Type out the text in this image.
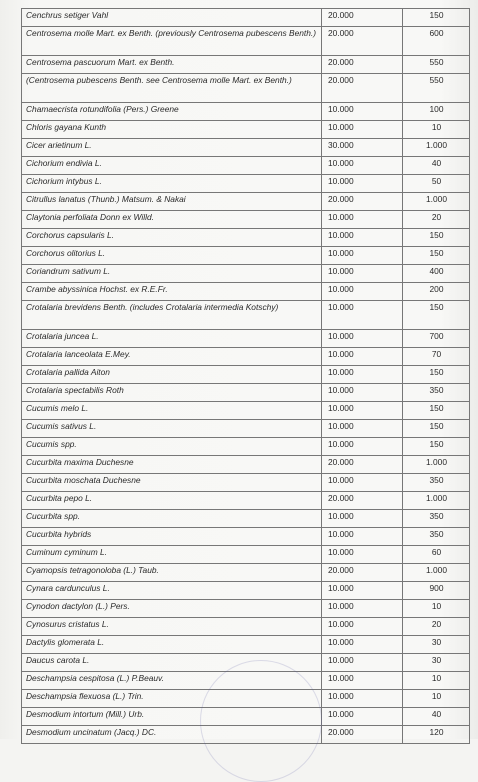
Cenchrus setiger Vahl	20.000	150
Centrosema molle Mart. ex Benth. (previously Centrosema pubescens Benth.)	20.000	600
Centrosema pascuorum Mart. ex Benth.	20.000	550
(Centrosema pubescens Benth. see Centrosema molle Mart. ex Benth.)	20.000	550
Chamaecrista rotundifolia (Pers.) Greene	10.000	100
Chloris gayana Kunth	10.000	10
Cicer arietinum L.	30.000	1.000
Cichorium endivia L.	10.000	40
Cichorium intybus L.	10.000	50
Citrullus lanatus (Thunb.) Matsum. & Nakai	20.000	1.000
Claytonia perfoliata Donn ex Willd.	10.000	20
Corchorus capsularis L.	10.000	150
Corchorus olitorius L.	10.000	150
Coriandrum sativum L.	10.000	400
Crambe abyssinica Hochst. ex R.E.Fr.	10.000	200
Crotalaria brevidens Benth. (includes Crotalaria intermedia Kotschy)	10.000	150
Crotalaria juncea L.	10.000	700
Crotalaria lanceolata E.Mey.	10.000	70
Crotalaria pallida Aiton	10.000	150
Crotalaria spectabilis Roth	10.000	350
Cucumis melo L.	10.000	150
Cucumis sativus L.	10.000	150
Cucumis spp.	10.000	150
Cucurbita maxima Duchesne	20.000	1.000
Cucurbita moschata Duchesne	10.000	350
Cucurbita pepo L.	20.000	1.000
Cucurbita spp.	10.000	350
Cucurbita hybrids	10.000	350
Cuminum cyminum L.	10.000	60
Cyamopsis tetragonoloba (L.) Taub.	20.000	1.000
Cynara cardunculus L.	10.000	900
Cynodon dactylon (L.) Pers.	10.000	10
Cynosurus cristatus L.	10.000	20
Dactylis glomerata L.	10.000	30
Daucus carota L.	10.000	30
Deschampsia cespitosa (L.) P.Beauv.	10.000	10
Deschampsia flexuosa (L.) Trin.	10.000	10
Desmodium intortum (Mill.) Urb.	10.000	40
Desmodium uncinatum (Jacq.) DC.	20.000	120
